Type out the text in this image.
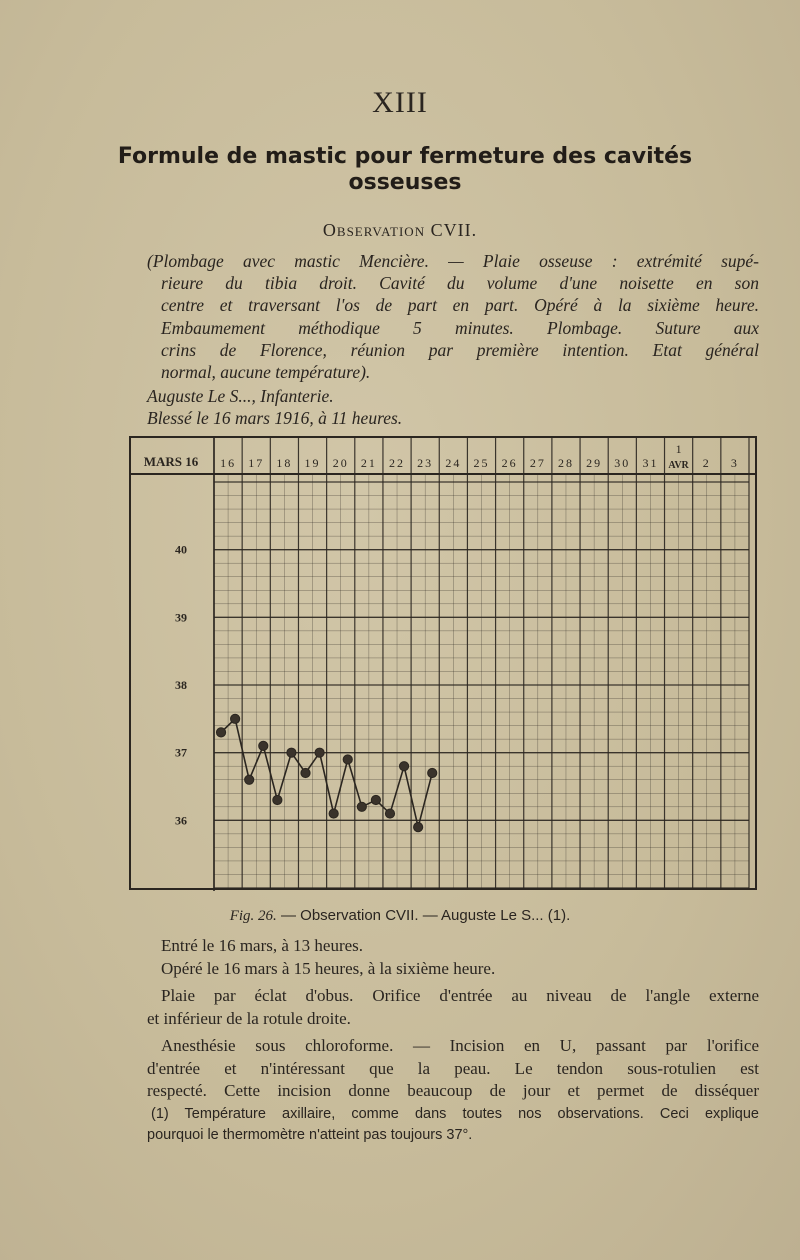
XIII
Formule de mastic pour fermeture des cavités
osseuses
Observation CVII.
(Plombage avec mastic Mencière. — Plaie osseuse : extrémité supé-
rieure du tibia droit. Cavité du volume d'une noisette en son
centre et traversant l'os de part en part. Opéré à la sixième heure.
Embaumement méthodique 5 minutes. Plombage. Suture aux
crins de Florence, réunion par première intention. Etat général
normal, aucune température).
Auguste Le S..., Infanterie.
Blessé le 16 mars 1916, à 11 heures.
MARS 16 16 17 18 19 20 21 22 23 24 25 26 27 28 29 30 31
1
AVR 2 3
40
39
38
37
36
Fig. 26. — Observation CVII. — Auguste Le S... (1).
Entré le 16 mars, à 13 heures.
Opéré le 16 mars à 15 heures, à la sixième heure.
Plaie par éclat d'obus. Orifice d'entrée au niveau de l'angle externe
et inférieur de la rotule droite.
Anesthésie sous chloroforme. — Incision en U, passant par l'orifice
d'entrée et n'intéressant que la peau. Le tendon sous-rotulien est
respecté. Cette incision donne beaucoup de jour et permet de disséquer
(1) Température axillaire, comme dans toutes nos observations. Ceci explique
pourquoi le thermomètre n'atteint pas toujours 37°.
